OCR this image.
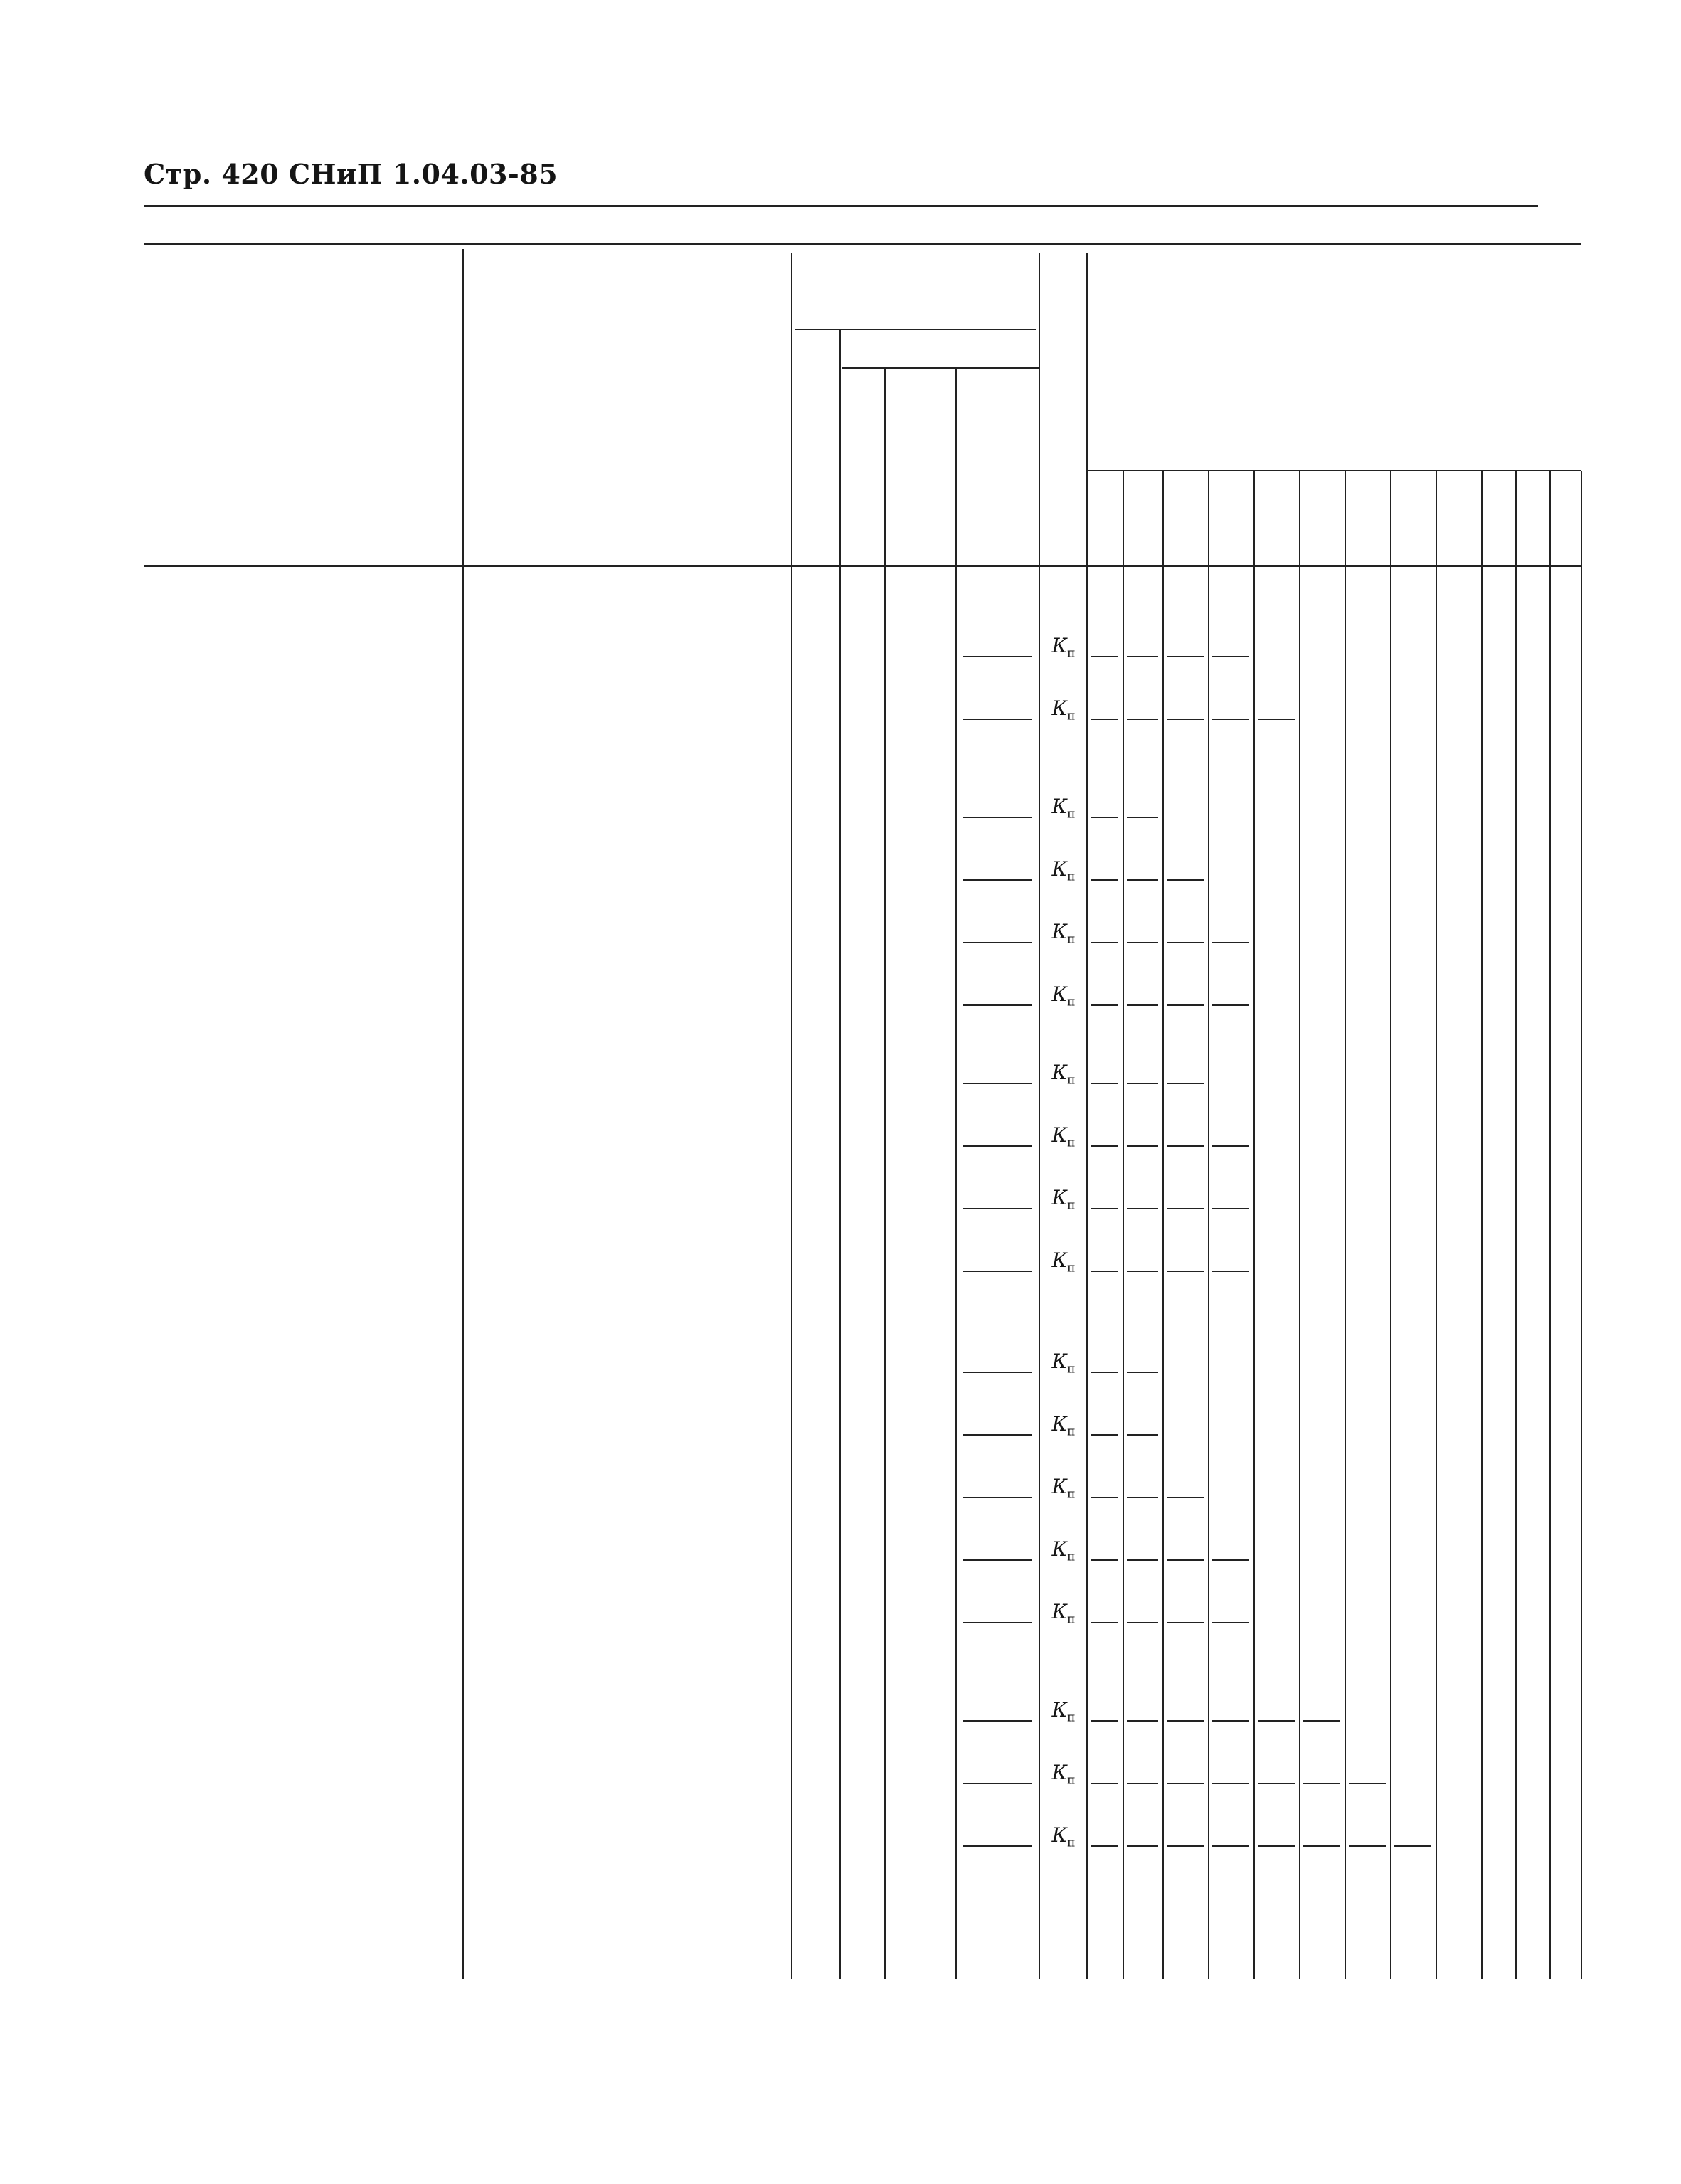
Стр. 420 СНиП 1.04.03-85
$К_п$
$К_п$
$К_п$
$К_п$
$К_п$
$К_п$
$К_п$
$К_п$
$К_п$
$К_п$
$К_п$
$К_п$
$К_п$
$К_п$
$К_п$
$К_п$
$К_п$
$К_п$
